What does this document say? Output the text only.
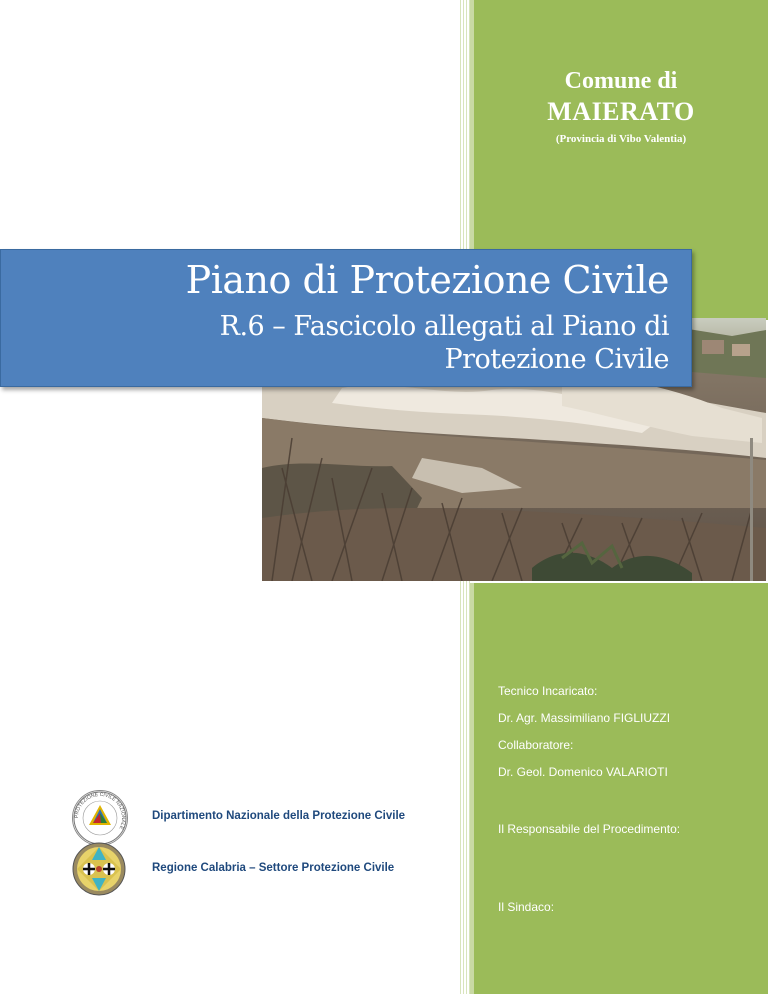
Comune di
MAIERATO
(Provincia di Vibo Valentia)
Piano di Protezione Civile
R.6 – Fascicolo allegati al Piano di
Protezione Civile
Tecnico Incaricato:
Dr. Agr. Massimiliano FIGLIUZZI
Collaboratore:
Dr. Geol. Domenico VALARIOTI
Il Responsabile del Procedimento:
Il Sindaco:
PROTEZIONE CIVILE NAZIONALE
Dipartimento Nazionale della Protezione Civile
Regione Calabria – Settore Protezione Civile
